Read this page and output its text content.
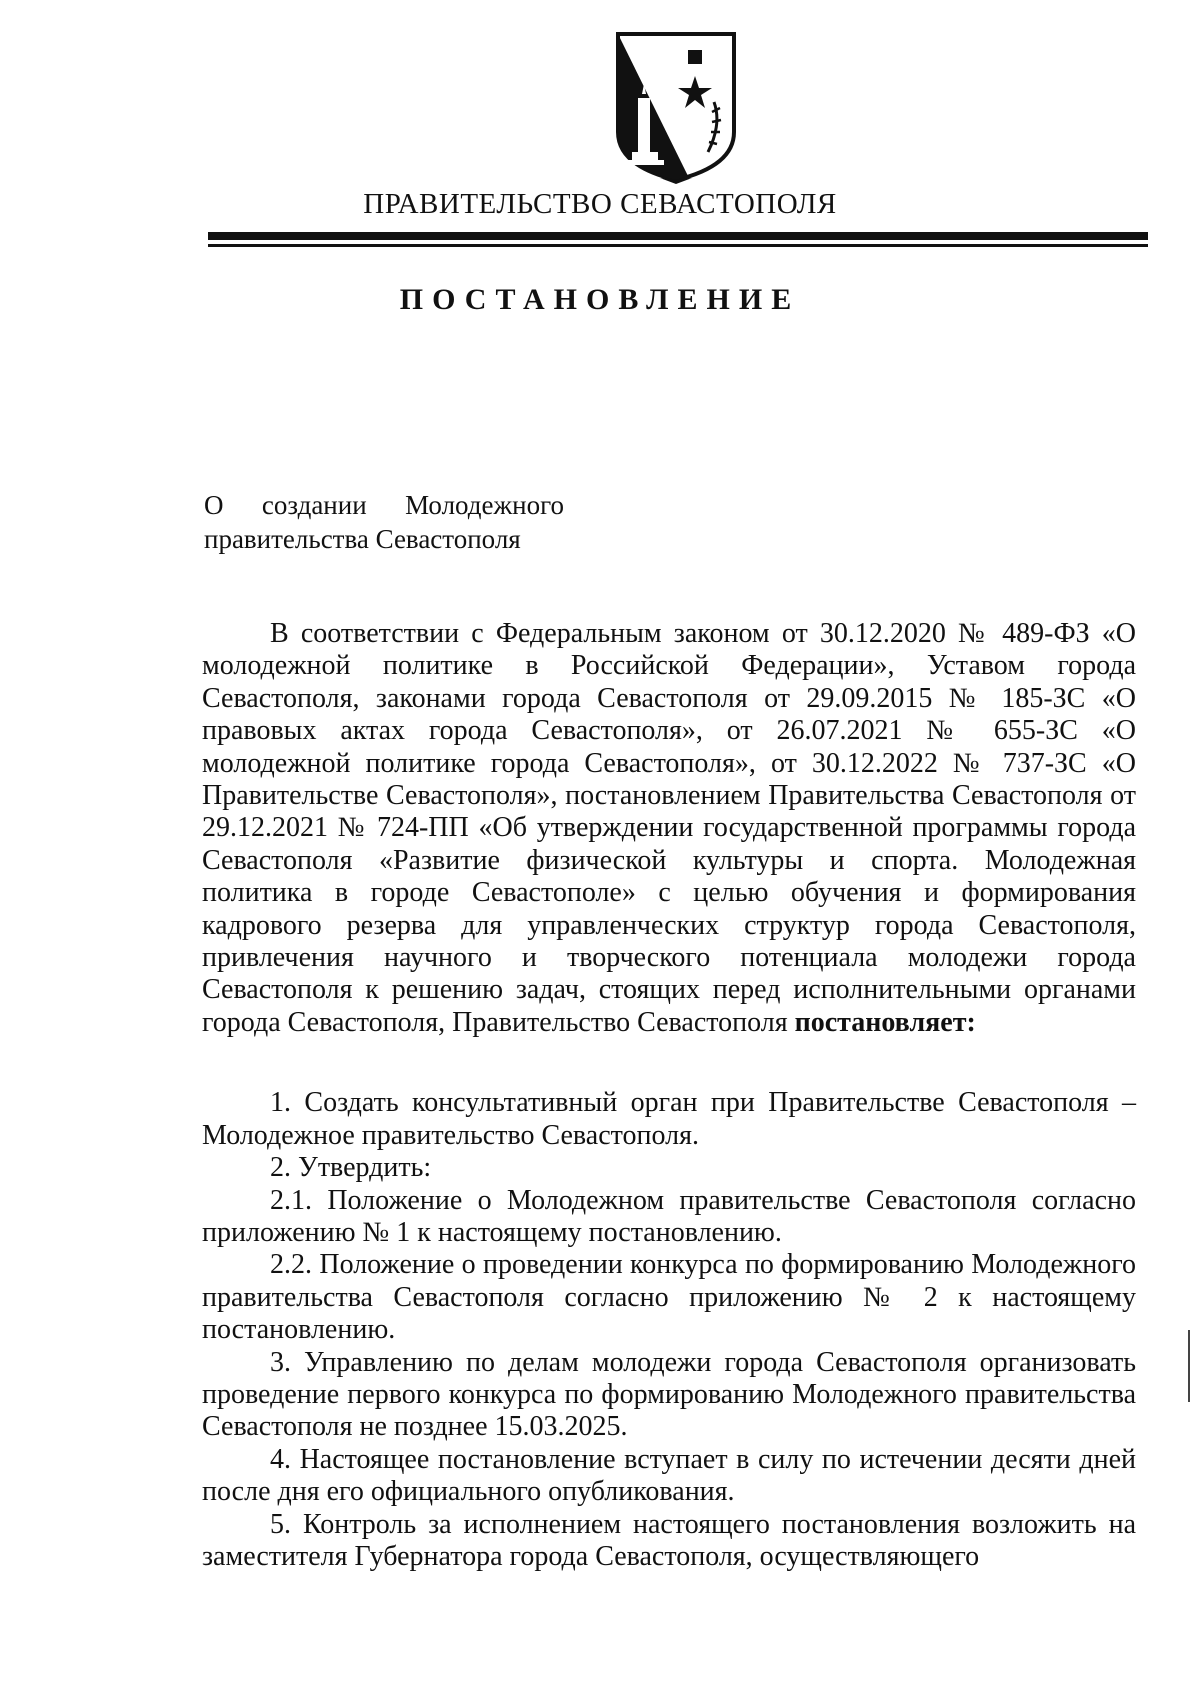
ПРАВИТЕЛЬСТВО СЕВАСТОПОЛЯ
ПОСТАНОВЛЕНИЕ
О создании Молодежного
правительства Севастополя

В соответствии с Федеральным законом от 30.12.2020 № 489-ФЗ «О молодежной политике в Российской Федерации», Уставом города Севастополя, законами города Севастополя от 29.09.2015 № 185-ЗС «О правовых актах города Севастополя», от 26.07.2021 № 655-ЗС «О молодежной политике города Севастополя», от 30.12.2022 № 737-ЗС «О Правительстве Севастополя», постановлением Правительства Севастополя от 29.12.2021 № 724-ПП «Об утверждении государственной программы города Севастополя «Развитие физической культуры и спорта. Молодежная политика в городе Севастополе» с целью обучения и формирования кадрового резерва для управленческих структур города Севастополя, привлечения научного и творческого потенциала молодежи города Севастополя к решению задач, стоящих перед исполнительными органами города Севастополя, Правительство Севастополя постановляет:

1. Создать консультативный орган при Правительстве Севастополя – Молодежное правительство Севастополя.

2. Утвердить:

2.1. Положение о Молодежном правительстве Севастополя согласно приложению № 1 к настоящему постановлению.

2.2. Положение о проведении конкурса по формированию Молодежного правительства Севастополя согласно приложению № 2 к настоящему постановлению.

3. Управлению по делам молодежи города Севастополя организовать проведение первого конкурса по формированию Молодежного правительства Севастополя не позднее 15.03.2025.

4. Настоящее постановление вступает в силу по истечении десяти дней после дня его официального опубликования.

5. Контроль за исполнением настоящего постановления возложить на заместителя Губернатора города Севастополя, осуществляющего
